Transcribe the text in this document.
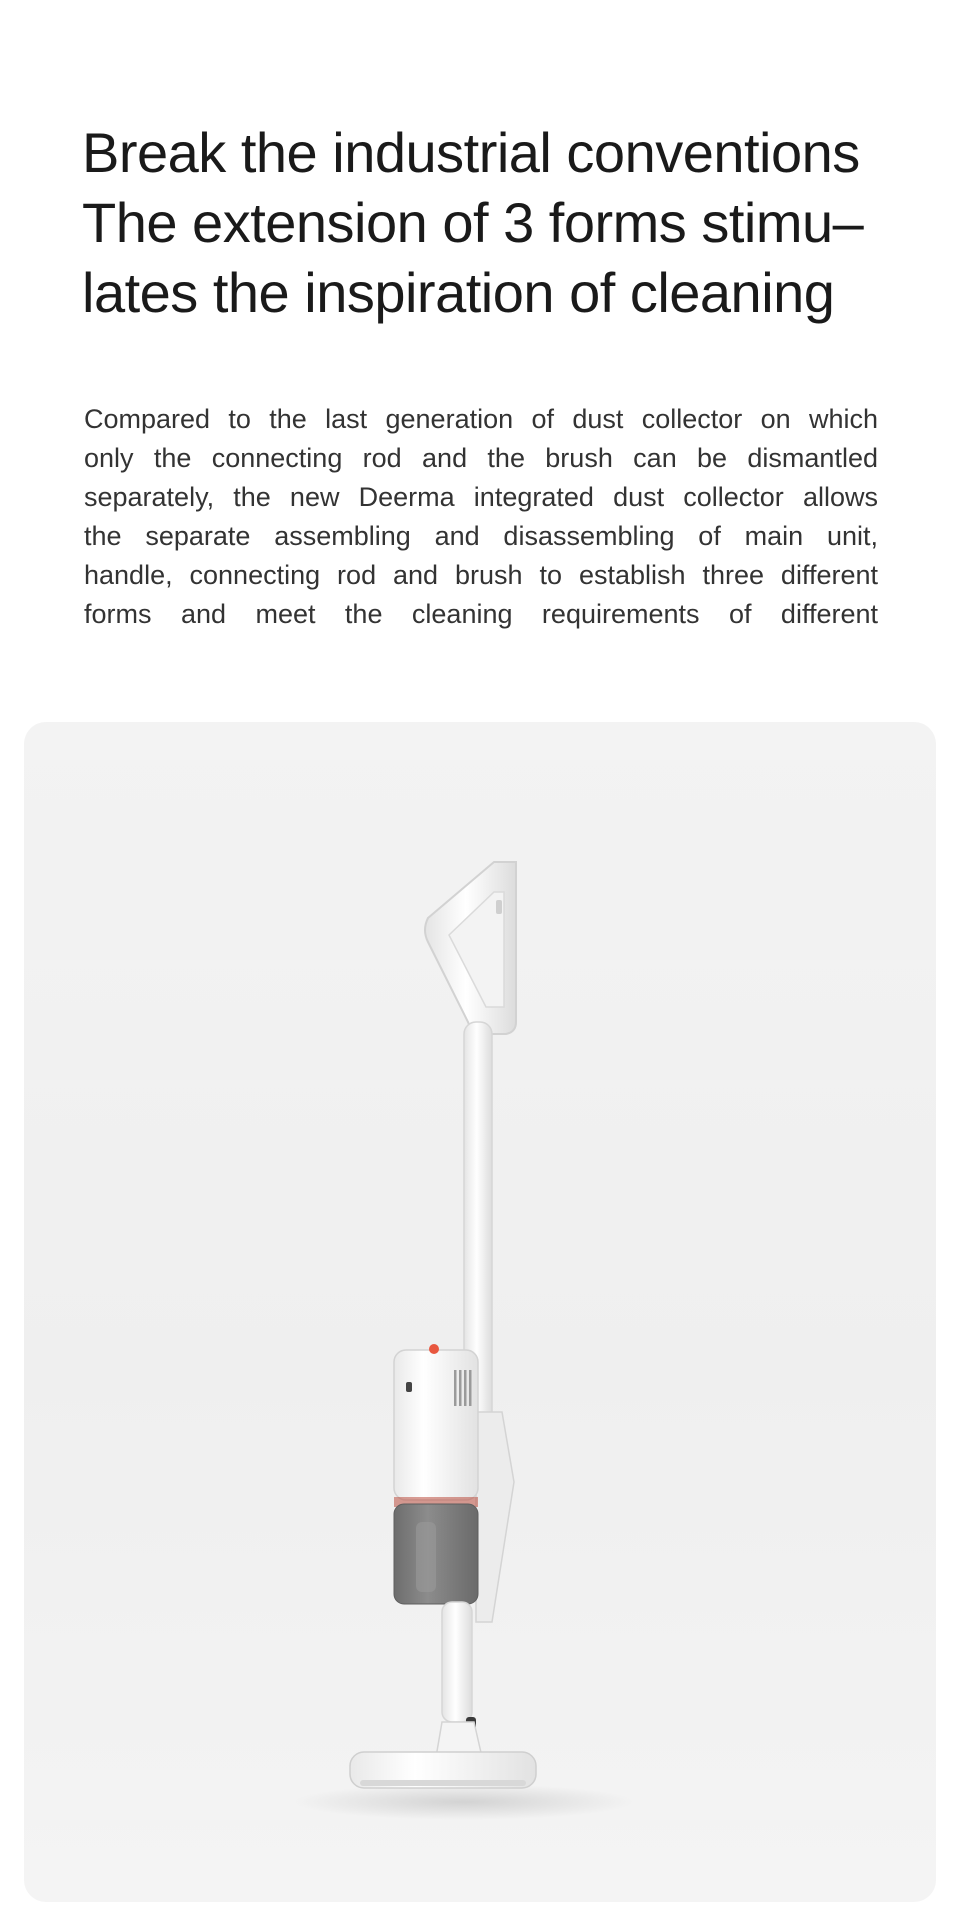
Break the industrial conventions
The extension of 3 forms stimu–
lates the inspiration of cleaning

Compared to the last generation of dust collector on which
only the connecting rod and the brush can be dismantled
separately, the new Deerma integrated dust collector allows
the separate assembling and disassembling of main unit,
handle, connecting rod and brush to establish three different
forms and meet the cleaning requirements of different
